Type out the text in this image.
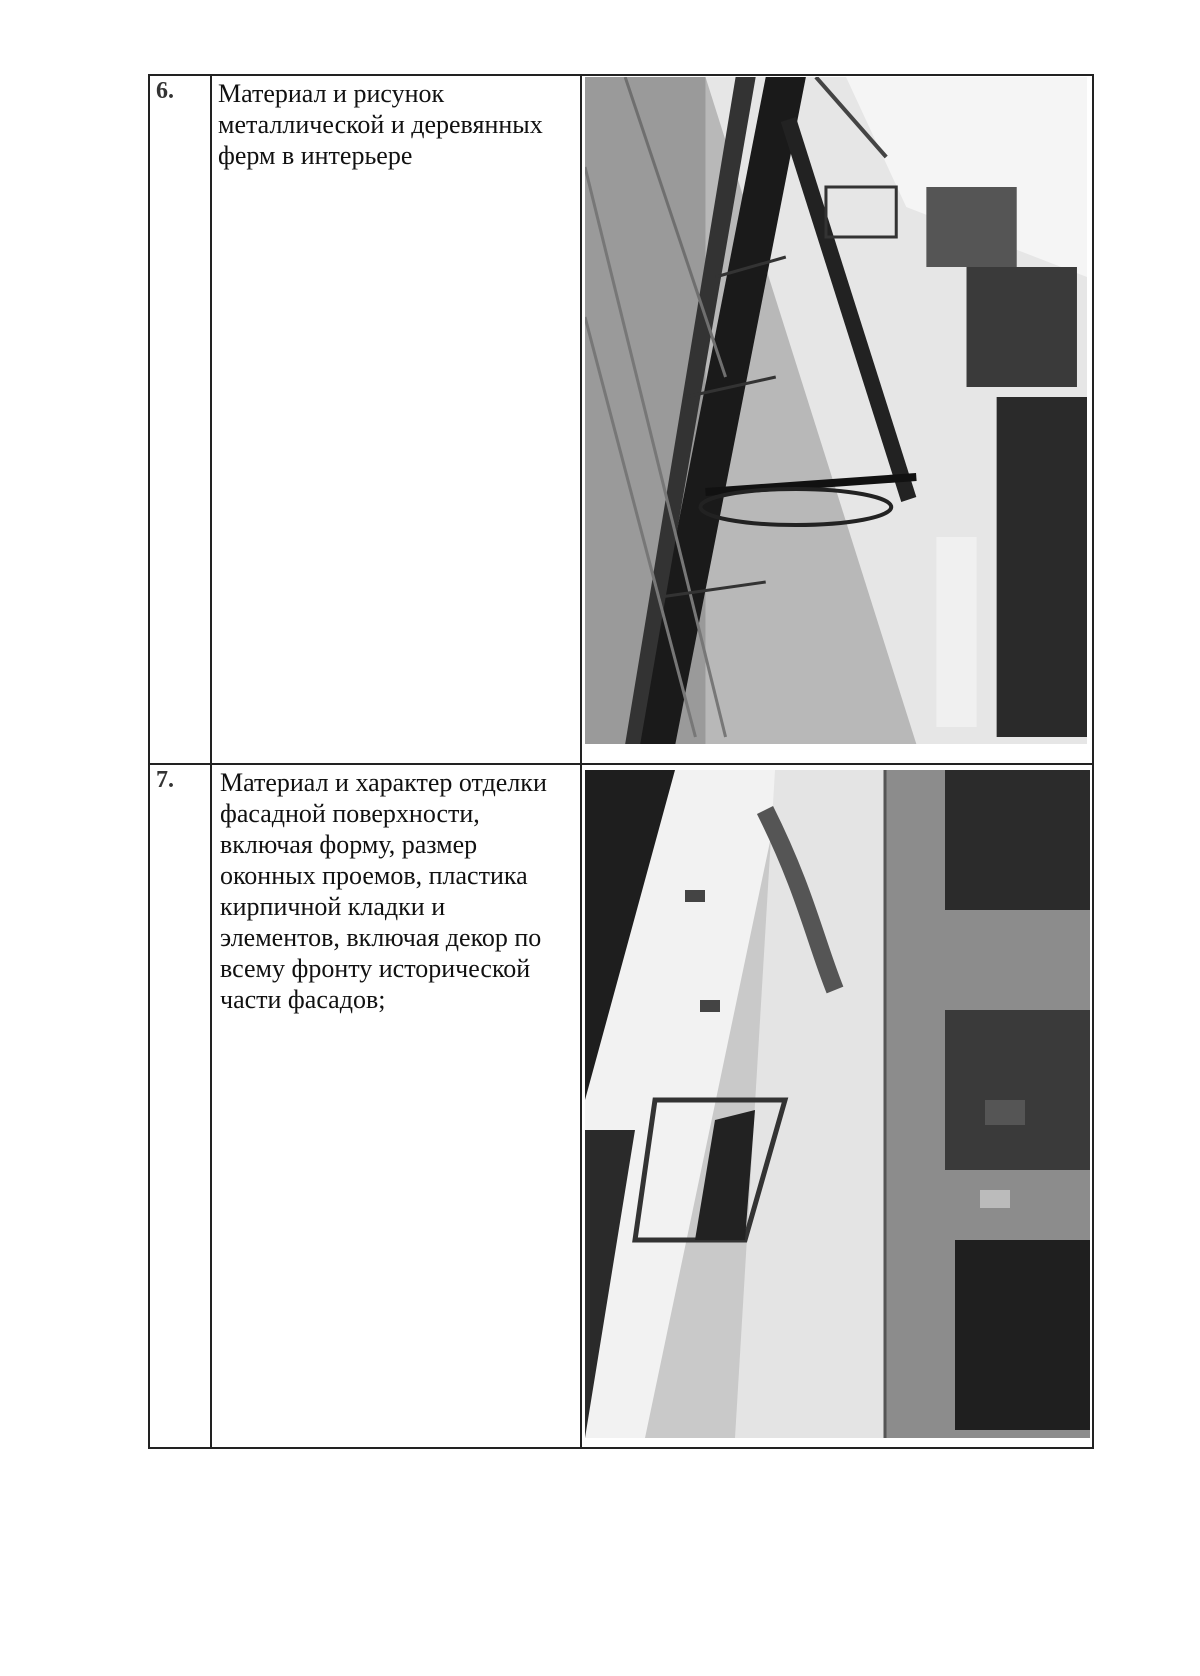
6.	Материал и рисунок металлической и деревянных ферм в интерьере
7.	Материал и характер отделки фасадной поверхности, включая форму, размер оконных проемов, пластика кирпичной кладки и элементов, включая декор по всему фронту исторической части фасадов;
